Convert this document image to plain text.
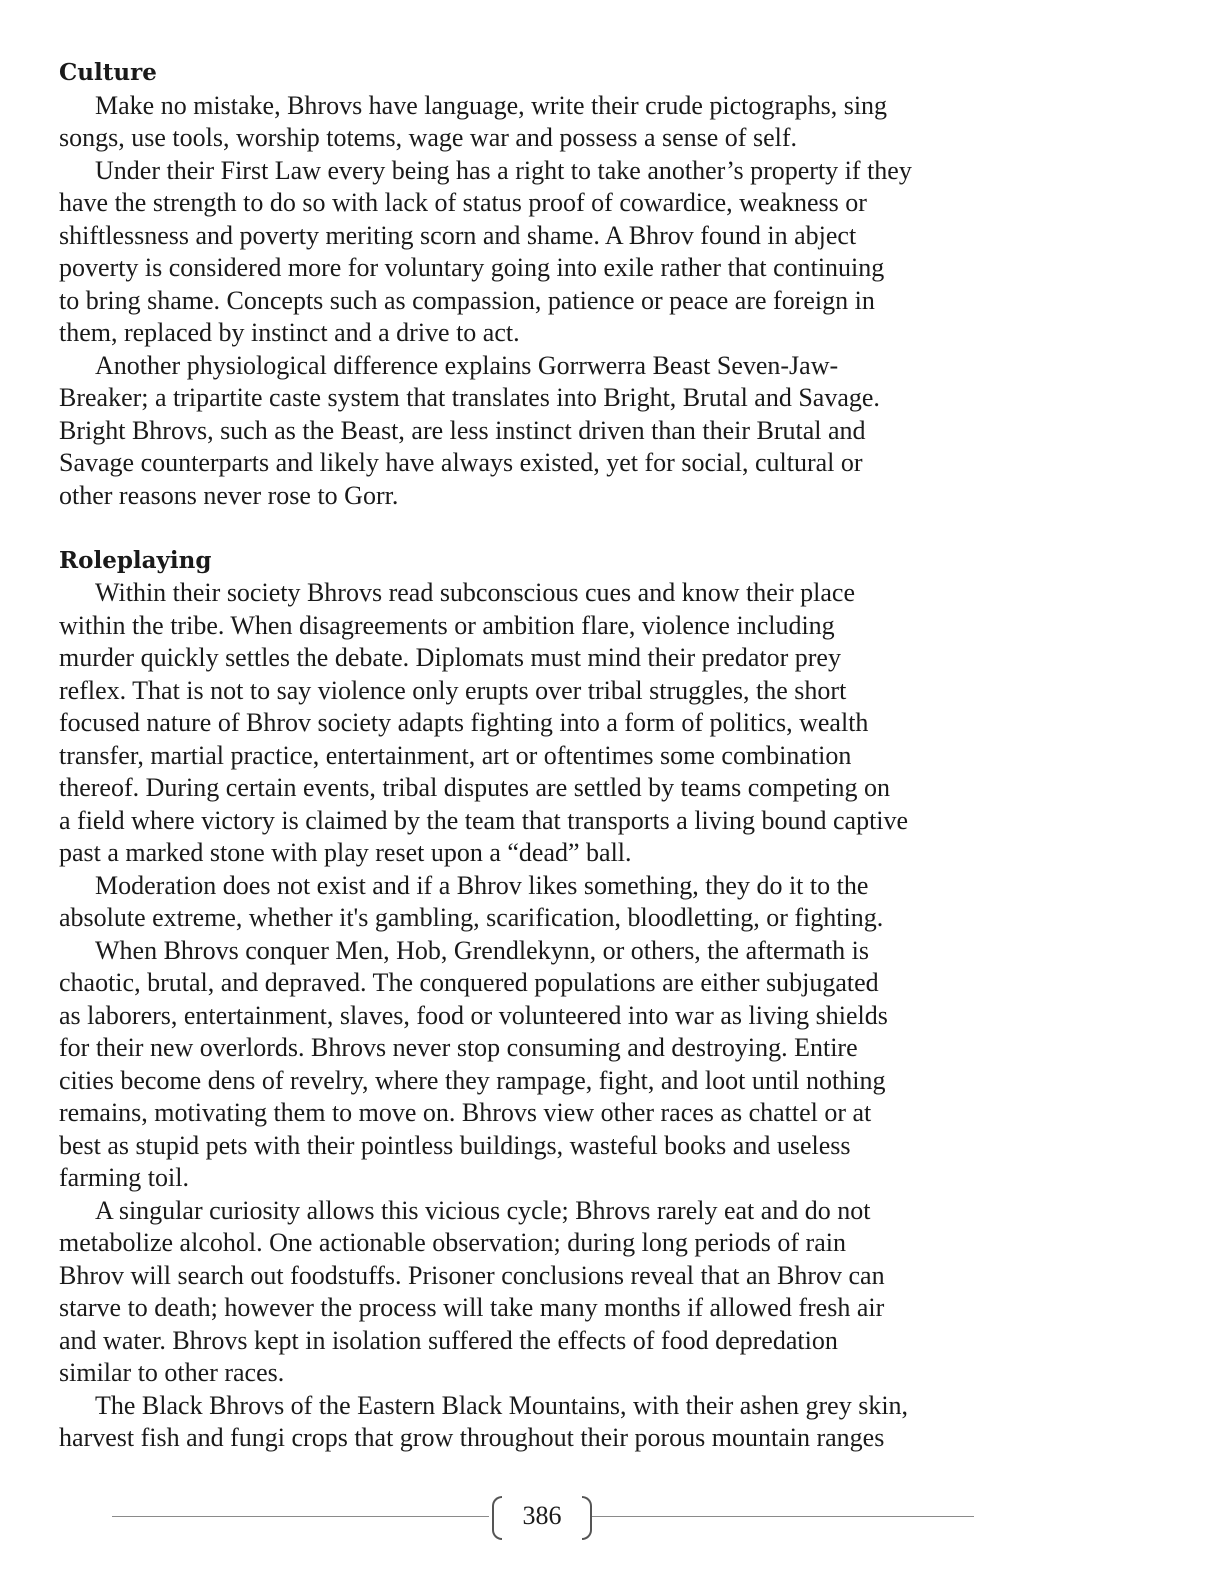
Culture
Make no mistake, Bhrovs have language, write their crude pictographs, sing
songs, use tools, worship totems, wage war and possess a sense of self.
Under their First Law every being has a right to take another’s property if they
have the strength to do so with lack of status proof of cowardice, weakness or
shiftlessness and poverty meriting scorn and shame. A Bhrov found in abject
poverty is considered more for voluntary going into exile rather that continuing
to bring shame. Concepts such as compassion, patience or peace are foreign in
them, replaced by instinct and a drive to act.
Another physiological difference explains Gorrwerra Beast Seven-Jaw-
Breaker; a tripartite caste system that translates into Bright, Brutal and Savage.
Bright Bhrovs, such as the Beast, are less instinct driven than their Brutal and
Savage counterparts and likely have always existed, yet for social, cultural or
other reasons never rose to Gorr.
Roleplaying
Within their society Bhrovs read subconscious cues and know their place
within the tribe. When disagreements or ambition flare, violence including
murder quickly settles the debate. Diplomats must mind their predator prey
reflex. That is not to say violence only erupts over tribal struggles, the short
focused nature of Bhrov society adapts fighting into a form of politics, wealth
transfer, martial practice, entertainment, art or oftentimes some combination
thereof. During certain events, tribal disputes are settled by teams competing on
a field where victory is claimed by the team that transports a living bound captive
past a marked stone with play reset upon a “dead” ball.
Moderation does not exist and if a Bhrov likes something, they do it to the
absolute extreme, whether it's gambling, scarification, bloodletting, or fighting.
When Bhrovs conquer Men, Hob, Grendlekynn, or others, the aftermath is
chaotic, brutal, and depraved. The conquered populations are either subjugated
as laborers, entertainment, slaves, food or volunteered into war as living shields
for their new overlords. Bhrovs never stop consuming and destroying. Entire
cities become dens of revelry, where they rampage, fight, and loot until nothing
remains, motivating them to move on. Bhrovs view other races as chattel or at
best as stupid pets with their pointless buildings, wasteful books and useless
farming toil.
A singular curiosity allows this vicious cycle; Bhrovs rarely eat and do not
metabolize alcohol. One actionable observation; during long periods of rain
Bhrov will search out foodstuffs. Prisoner conclusions reveal that an Bhrov can
starve to death; however the process will take many months if allowed fresh air
and water. Bhrovs kept in isolation suffered the effects of food depredation
similar to other races.
The Black Bhrovs of the Eastern Black Mountains, with their ashen grey skin,
harvest fish and fungi crops that grow throughout their porous mountain ranges
386
